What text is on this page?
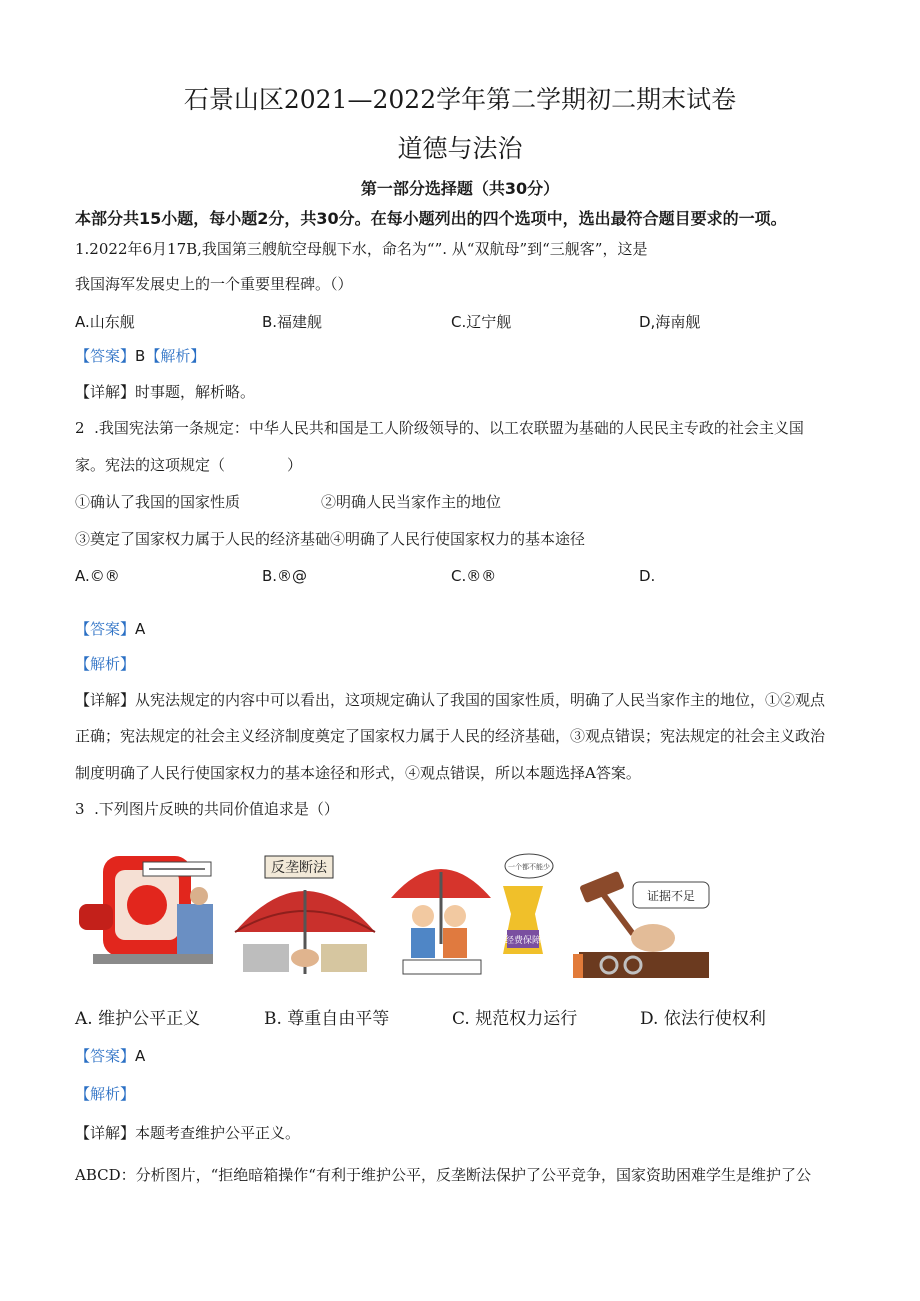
石景山区2021—2022学年第二学期初二期末试卷
道德与法治
第一部分选择题（共30分）
本部分共15小题，每小题2分，共30分。在每小题列出的四个选项中，选出最符合题目要求的一项。
1.2022年6月17B,我国第三艘航空母舰下水，命名为“”. 从“双航母”到“三舰客”，这是
我国海军发展史上的一个重要里程碑。（）
A.山东舰	B.福建舰	C.辽宁舰	D,海南舰
【答案】B【解析】
【详解】时事题，解析略。
2  .我国宪法第一条规定：中华人民共和国是工人阶级领导的、以工农联盟为基础的人民民主专政的社会主义国
家。宪法的这项规定（             ）
①确认了我国的国家性质	②明确人民当家作主的地位
③奠定了国家权力属于人民的经济基础④明确了人民行使国家权力的基本途径
A.©®	B.®@	C.®®	D.
【答案】A
【解析】
【详解】从宪法规定的内容中可以看出，这项规定确认了我国的国家性质，明确了人民当家作主的地位，①②观点
正确；宪法规定的社会主义经济制度奠定了国家权力属于人民的经济基础，③观点错误；宪法规定的社会主义政治
制度明确了人民行使国家权力的基本途径和形式，④观点错误，所以本题选择A答案。
3  .下列图片反映的共同价值追求是（）
反垄断法
经费保障
一个都不能少
证据不足
A. 维护公平正义	B. 尊重自由平等	C. 规范权力运行	D. 依法行使权利
【答案】A
【解析】
【详解】本题考查维护公平正义。
ABCD：分析图片，“拒绝暗箱操作“有利于维护公平，反垄断法保护了公平竞争，国家资助困难学生是维护了公
